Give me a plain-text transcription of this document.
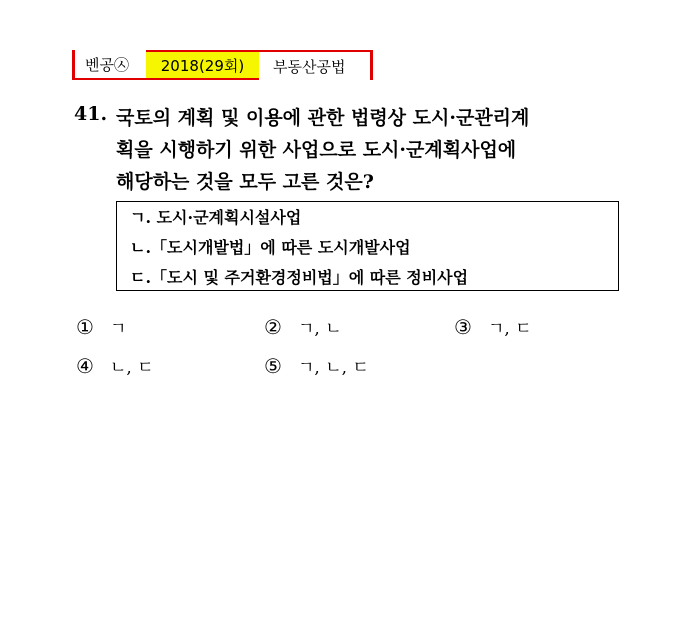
벤공㉦	2018(29회)	부동산공법
41. 국토의 계획 및 이용에 관한 법령상 도시·군관리계
획을 시행하기 위한 사업으로 도시·군계획사업에
해당하는 것을 모두 고른 것은?
ㄱ. 도시·군계획시설사업
ㄴ.「도시개발법」에 따른 도시개발사업
ㄷ.「도시 및 주거환경정비법」에 따른 정비사업
① ㄱ	② ㄱ, ㄴ	③ ㄱ, ㄷ
④ ㄴ, ㄷ	⑤ ㄱ, ㄴ, ㄷ
